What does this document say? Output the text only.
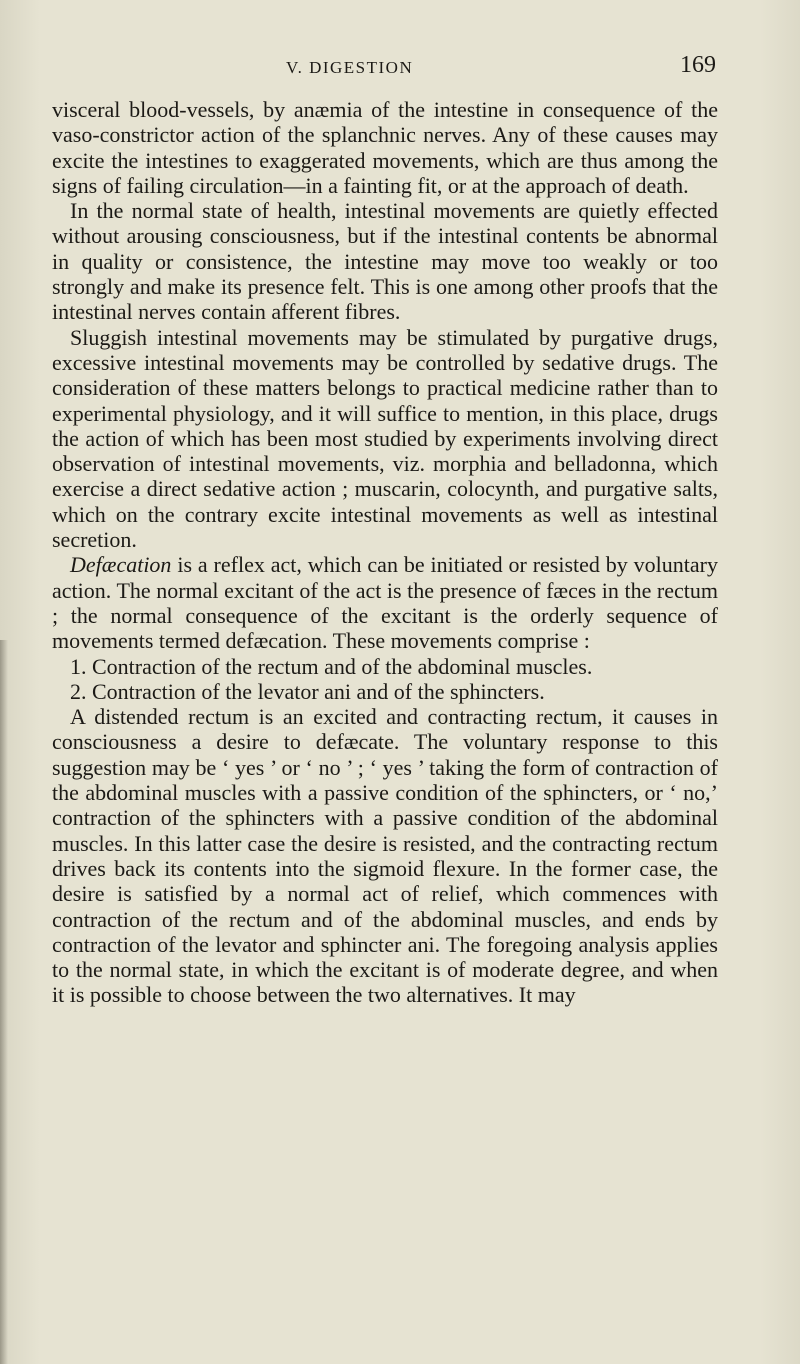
V. DIGESTION	169

visceral blood-vessels, by anæmia of the intestine in consequence of the vaso-constrictor action of the splanchnic nerves. Any of these causes may excite the intestines to exaggerated movements, which are thus among the signs of failing circulation—in a fainting fit, or at the approach of death.

In the normal state of health, intestinal movements are quietly effected without arousing consciousness, but if the intestinal contents be abnormal in quality or consistence, the intestine may move too weakly or too strongly and make its presence felt. This is one among other proofs that the intestinal nerves contain afferent fibres.

Sluggish intestinal movements may be stimulated by purgative drugs, excessive intestinal movements may be controlled by sedative drugs. The consideration of these matters belongs to practical medicine rather than to experimental physiology, and it will suffice to mention, in this place, drugs the action of which has been most studied by experiments involving direct observation of intestinal movements, viz. morphia and belladonna, which exercise a direct sedative action ; muscarin, colocynth, and purgative salts, which on the contrary excite intestinal movements as well as intestinal secretion.

Defæcation is a reflex act, which can be initiated or resisted by voluntary action. The normal excitant of the act is the presence of fæces in the rectum ; the normal consequence of the excitant is the orderly sequence of movements termed defæcation. These movements comprise :

1. Contraction of the rectum and of the abdominal muscles.

2. Contraction of the levator ani and of the sphincters.

A distended rectum is an excited and contracting rectum, it causes in consciousness a desire to defæcate. The voluntary response to this suggestion may be ‘ yes ’ or ‘ no ’ ; ‘ yes ’ taking the form of contraction of the abdominal muscles with a passive condition of the sphincters, or ‘ no,’ contraction of the sphincters with a passive condition of the abdominal muscles. In this latter case the desire is resisted, and the contracting rectum drives back its contents into the sigmoid flexure. In the former case, the desire is satisfied by a normal act of relief, which commences with contraction of the rectum and of the abdominal muscles, and ends by contraction of the levator and sphincter ani. The foregoing analysis applies to the normal state, in which the excitant is of moderate degree, and when it is possible to choose between the two alternatives. It may
